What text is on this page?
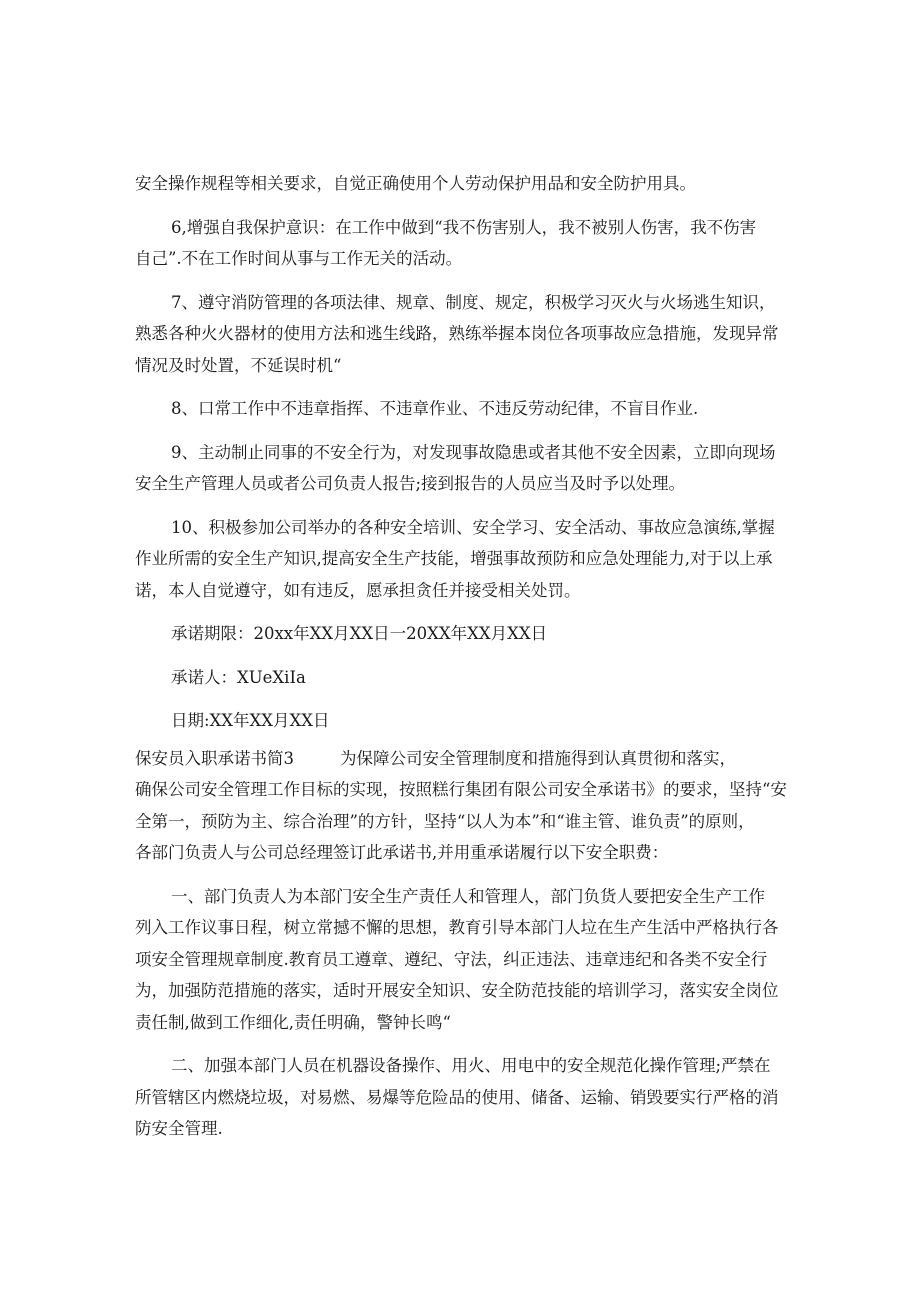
安全操作规程等相关要求，自觉正确使用个人劳动保护用品和安全防护用具。
6,增强自我保护意识：在工作中做到“我不伤害别人，我不被别人伤害，我不伤害
自己”.不在工作时间从事与工作无关的活动。
7、遵守消防管理的各项法律、规章、制度、规定，积极学习灭火与火场逃生知识，
熟悉各种火火器材的使用方法和逃生线路，熟练举握本岗位各项事故应急措施，发现异常
情况及时处置，不延误时机“
8、口常工作中不违章指挥、不违章作业、不违反劳动纪律，不盲目作业.
9、主动制止同事的不安全行为，对发现事故隐患或者其他不安全因素，立即向现场
安全生产管理人员或者公司负责人报告;接到报告的人员应当及时予以处理。
10、积极参加公司举办的各种安全培训、安全学习、安全活动、事故应急演练,掌握
作业所需的安全生产知识,提高安全生产技能，增强事故预防和应急处理能力,对于以上承
诺，本人自觉遵守，如有违反，愿承担贪任并接受相关处罚。
承诺期限：20xx年XX月XX日一20XX年XX月XX日
承诺人：XUeXiIa
日期:XX年XX月XX日
保安员入职承诺书简3	为保障公司安全管理制度和措施得到认真贯彻和落实，
确保公司安全管理工作目标的实现，按照糕行集团有限公司安全承诺书》的要求，坚持“安
全第一，预防为主、综合治理”的方针，坚持“以人为本”和“谁主管、谁负责”的原则，
各部门负责人与公司总经理签订此承诺书,并用重承诺履行以下安全职费：
一、部门负责人为本部门安全生产责任人和管理人，部门负货人要把安全生产工作
列入工作议事日程，树立常撼不懈的思想，教育引导本部门人垃在生产生活中严格执行各
项安全管理规章制度.教育员工遵章、遵纪、守法，纠正违法、违章违纪和各类不安全行
为，加强防范措施的落实，适时开展安全知识、安全防范技能的培训学习，落实安全岗位
责任制,做到工作细化,责任明确，警钟长鸣“
二、加强本部门人员在机器设备操作、用火、用电中的安全规范化操作管理;严禁在
所管辖区内燃烧垃圾，对易燃、易爆等危险品的使用、储备、运输、销毁要实行严格的消
防安全管理.
